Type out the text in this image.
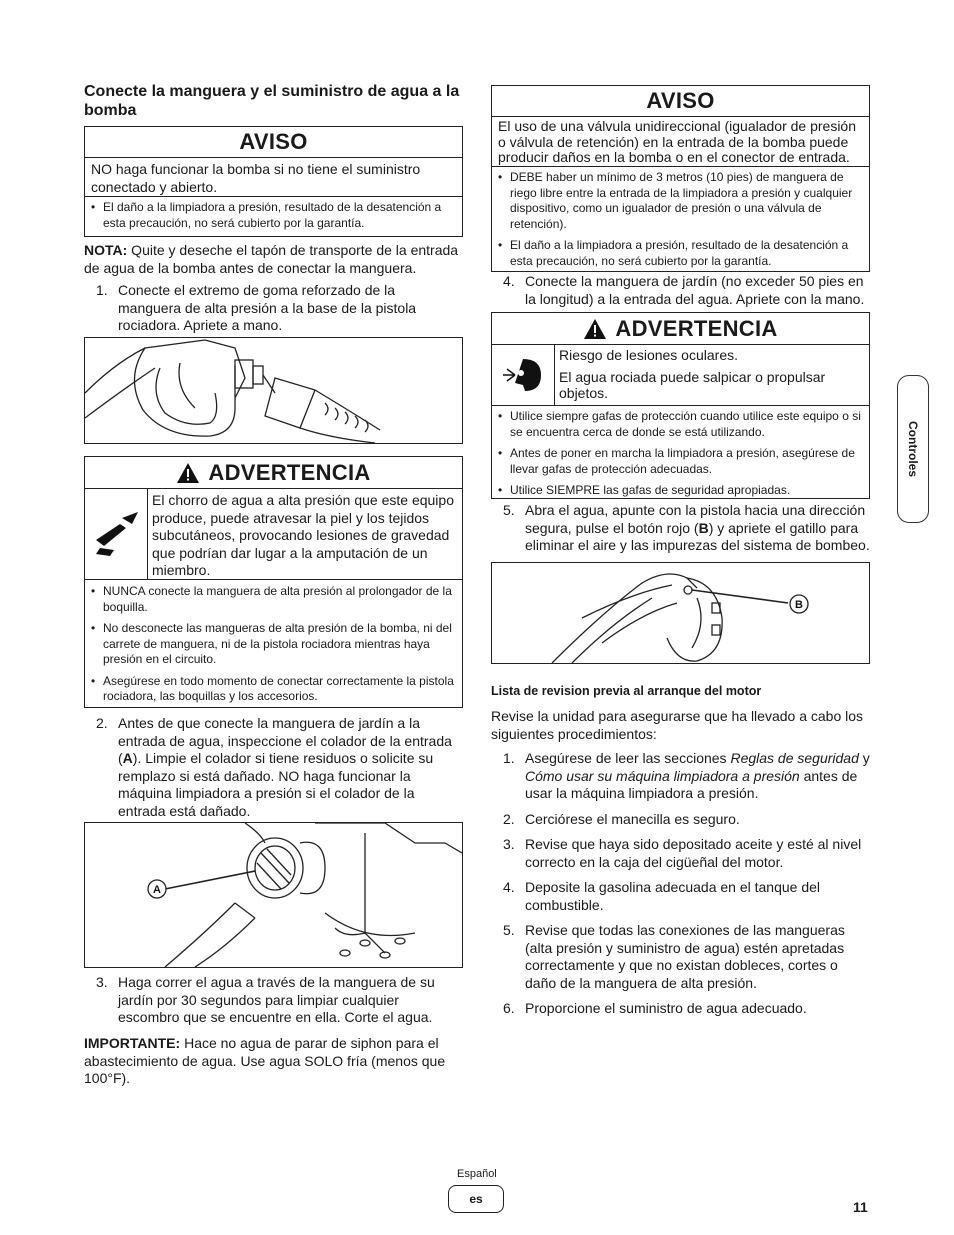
Conecte la manguera y el suministro de agua a la bomba
AVISO
NO haga funcionar la bomba si no tiene el suministro conectado y abierto.
• El daño a la limpiadora a presión, resultado de la desatención a esta precaución, no será cubierto por la garantía.

NOTA: Quite y deseche el tapón de transporte de la entrada de agua de la bomba antes de conectar la manguera.

1. Conecte el extremo de goma reforzado de la manguera de alta presión a la base de la pistola rociadora. Apriete a mano.
ADVERTENCIA
El chorro de agua a alta presión que este equipo produce, puede atravesar la piel y los tejidos subcutáneos, provocando lesiones de gravedad que podrían dar lugar a la amputación de un miembro.
• NUNCA conecte la manguera de alta presión al prolongador de la boquilla.
• No desconecte las mangueras de alta presión de la bomba, ni del carrete de manguera, ni de la pistola rociadora mientras haya presión en el circuito.
• Asegúrese en todo momento de conectar correctamente la pistola rociadora, las boquillas y los accesorios.
2. Antes de que conecte la manguera de jardín a la entrada de agua, inspeccione el colador de la entrada (A). Limpie el colador si tiene residuos o solicite su remplazo si está dañado. NO haga funcionar la máquina limpiadora a presión si el colador de la entrada está dañado.
A
3. Haga correr el agua a través de la manguera de su jardín por 30 segundos para limpiar cualquier escombro que se encuentre en ella. Corte el agua.

IMPORTANTE: Hace no agua de parar de siphon para el abastecimiento de agua. Use agua SOLO fría (menos que 100°F).

AVISO
El uso de una válvula unidireccional (igualador de presión o válvula de retención) en la entrada de la bomba puede producir daños en la bomba o en el conector de entrada.
• DEBE haber un mínimo de 3 metros (10 pies) de manguera de riego libre entre la entrada de la limpiadora a presión y cualquier dispositivo, como un igualador de presión o una válvula de retención).
• El daño a la limpiadora a presión, resultado de la desatención a esta precaución, no será cubierto por la garantía.
4. Conecte la manguera de jardín (no exceder 50 pies en la longitud) a la entrada del agua. Apriete con la mano.
ADVERTENCIA
Riesgo de lesiones oculares.
El agua rociada puede salpicar o propulsar objetos.
• Utilice siempre gafas de protección cuando utilice este equipo o si se encuentra cerca de donde se está utilizando.
• Antes de poner en marcha la limpiadora a presión, asegúrese de llevar gafas de protección adecuadas.
• Utilice SIEMPRE las gafas de seguridad apropiadas.
5. Abra el agua, apunte con la pistola hacia una dirección segura, pulse el botón rojo (B) y apriete el gatillo para eliminar el aire y las impurezas del sistema de bombeo.
B
Lista de revision previa al arranque del motor

Revise la unidad para asegurarse que ha llevado a cabo los siguientes procedimientos:

1. Asegúrese de leer las secciones Reglas de seguridad y Cómo usar su máquina limpiadora a presión antes de usar la máquina limpiadora a presión.
2. Cerciórese el manecilla es seguro.
3. Revise que haya sido depositado aceite y esté al nivel correcto en la caja del cigüeñal del motor.
4. Deposite la gasolina adecuada en el tanque del combustible.
5. Revise que todas las conexiones de las mangueras (alta presión y suministro de agua) estén apretadas correctamente y que no existan dobleces, cortes o daño de la manguera de alta presión.
6. Proporcione el suministro de agua adecuado.
Controles
Español
es	11
